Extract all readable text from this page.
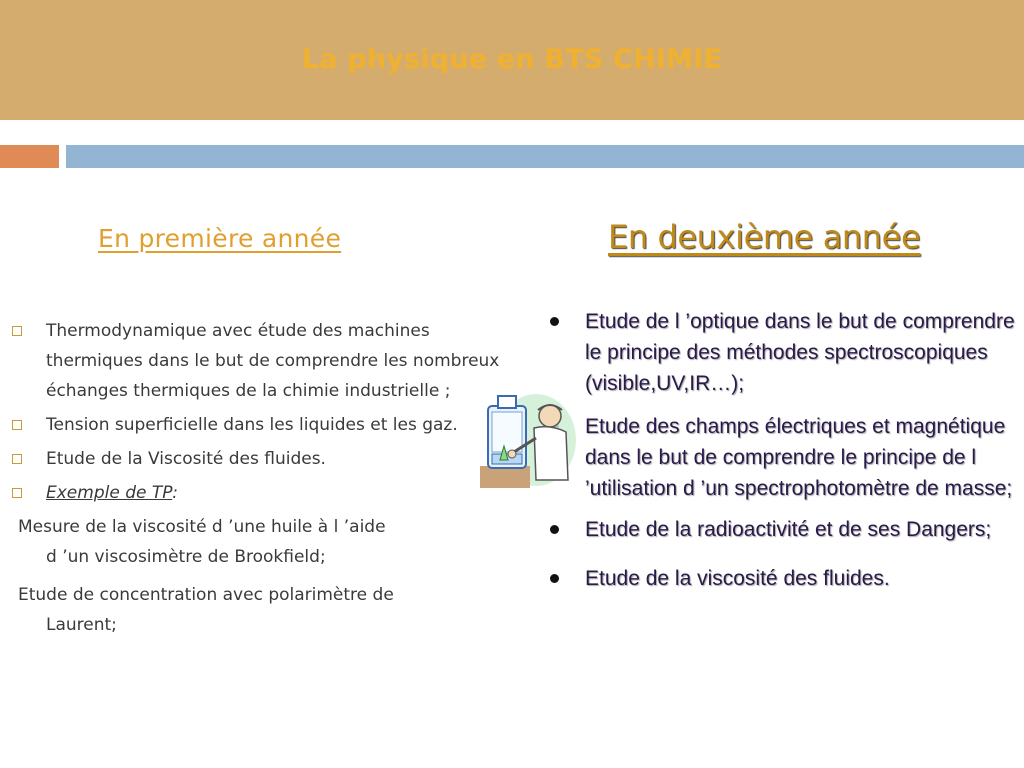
La physique en BTS CHIMIE
En première année	En deuxième année
Thermodynamique avec étude des machines thermiques dans le but de comprendre les nombreux échanges thermiques de la chimie industrielle ;
Tension superficielle dans les liquides et les gaz.
Etude de la Viscosité des fluides.
Exemple de TP:
Mesure de la viscosité d ’une huile à l ’aide
d ’un viscosimètre de Brookfield;
Etude de concentration avec polarimètre de
Laurent;
Etude de l ’optique dans le but de comprendre le principe des méthodes spectroscopiques (visible,UV,IR…);
Etude des champs électriques et magnétique dans le but de comprendre le principe de l ’utilisation d ’un spectrophotomètre de masse;
Etude de la radioactivité et de ses Dangers;
Etude de la viscosité des fluides.
